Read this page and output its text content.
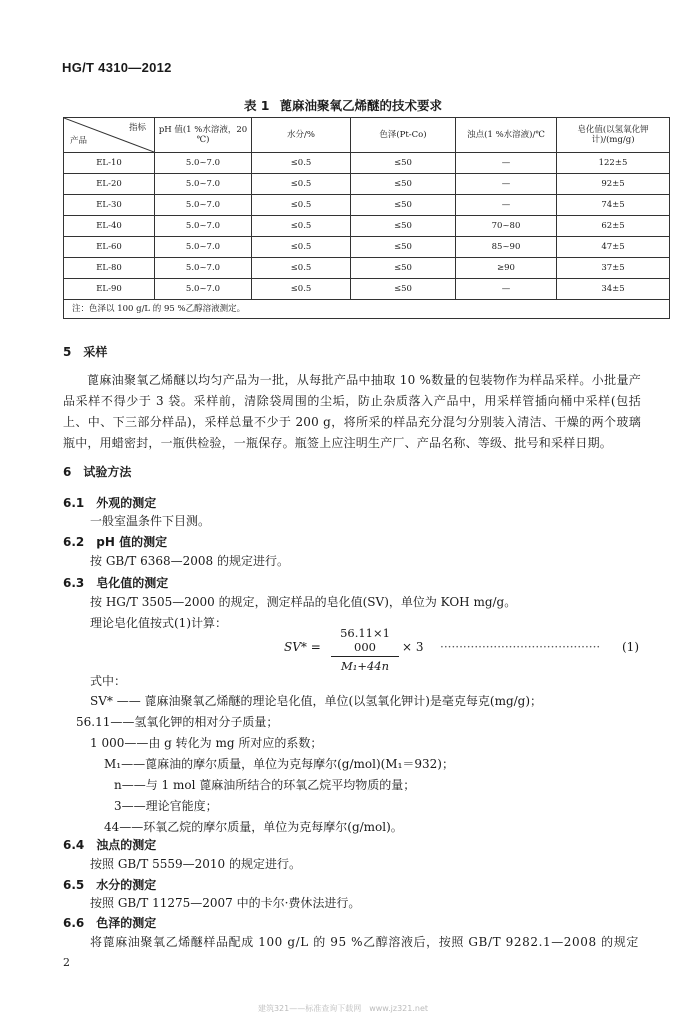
HG/T 4310—2012
表 1 蓖麻油聚氧乙烯醚的技术要求
指标
产品	pH 值(1 %水溶液，20 ℃)	水分/%	色泽(Pt-Co)	浊点(1 %水溶液)/℃	皂化值(以氢氧化钾计)/(mg/g)
EL-10	5.0~7.0	≤0.5	≤50	—	122±5
EL-20	5.0~7.0	≤0.5	≤50	—	92±5
EL-30	5.0~7.0	≤0.5	≤50	—	74±5
EL-40	5.0~7.0	≤0.5	≤50	70~80	62±5
EL-60	5.0~7.0	≤0.5	≤50	85~90	47±5
EL-80	5.0~7.0	≤0.5	≤50	≥90	37±5
EL-90	5.0~7.0	≤0.5	≤50	—	34±5
注：色泽以 100 g/L 的 95 %乙醇溶液测定。					
5　采样
蓖麻油聚氧乙烯醚以均匀产品为一批，从每批产品中抽取 10 %数量的包装物作为样品采样。小批量产品采样不得少于 3 袋。采样前，清除袋周围的尘垢，防止杂质落入产品中，用采样管插向桶中采样(包括上、中、下三部分样品)，采样总量不少于 200 g，将所采的样品充分混匀分别装入清洁、干燥的两个玻璃瓶中，用蜡密封，一瓶供检验，一瓶保存。瓶签上应注明生产厂、产品名称、等级、批号和采样日期。
6　试验方法
6.1　外观的测定
一般室温条件下目测。
6.2　pH 值的测定
按 GB/T 6368—2008 的规定进行。
6.3　皂化值的测定
按 HG/T 3505—2000 的规定，测定样品的皂化值(SV)，单位为 KOH mg/g。
理论皂化值按式(1)计算：
$SV* = \frac{56.11\times 1 000}{\text{M₁+44n}} \times 3$ ·········································· (1)
式中：
SV* —— 蓖麻油聚氧乙烯醚的理论皂化值，单位(以氢氧化钾计)是毫克每克(mg/g)；
56.11——氢氧化钾的相对分子质量；
1 000——由 g 转化为 mg 所对应的系数；
M₁——蓖麻油的摩尔质量，单位为克每摩尔(g/mol)(M₁＝932)；
n——与 1 mol 蓖麻油所结合的环氧乙烷平均物质的量；
3——理论官能度；
44——环氧乙烷的摩尔质量，单位为克每摩尔(g/mol)。
6.4　浊点的测定
按照 GB/T 5559—2010 的规定进行。
6.5　水分的测定
按照 GB/T 11275—2007 中的卡尔·费休法进行。
6.6　色泽的测定
将蓖麻油聚氧乙烯醚样品配成 100 g/L 的 95 %乙醇溶液后，按照 GB/T 9282.1—2008 的规定
2
建筑321——标准查询下载网　www.jz321.net
